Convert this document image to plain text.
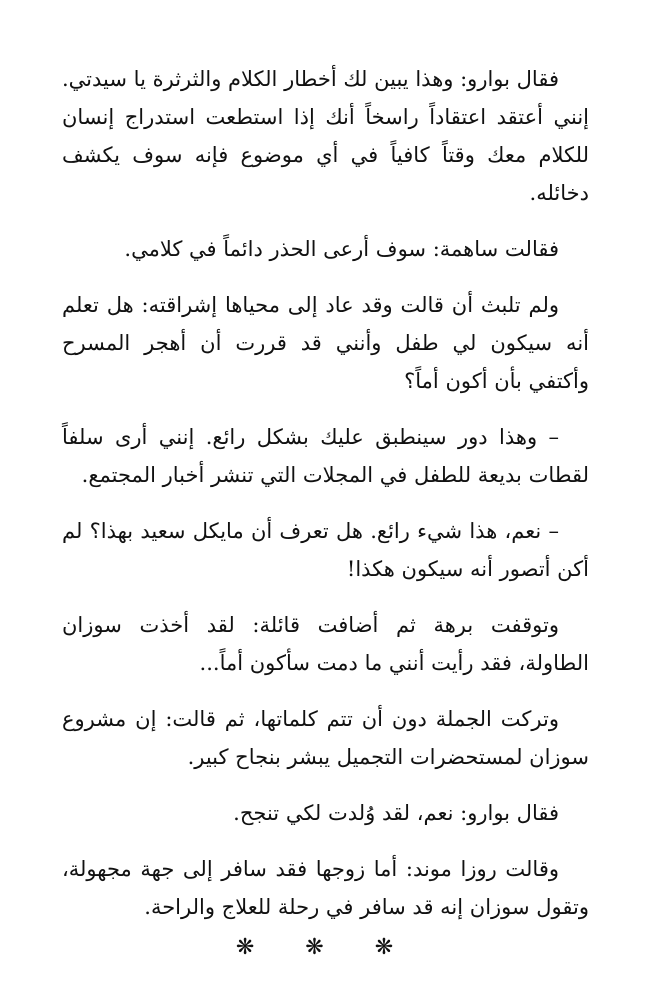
فقال بوارو: وهذا يبين لك أخطار الكلام والثرثرة يا سيدتي. إنني أعتقد اعتقاداً راسخاً أنك إذا استطعت استدراج إنسان للكلام معك وقتاً كافياً في أي موضوع فإنه سوف يكشف دخائله.

فقالت ساهمة: سوف أرعى الحذر دائماً في كلامي.

ولم تلبث أن قالت وقد عاد إلى محياها إشراقته: هل تعلم أنه سيكون لي طفل وأنني قد قررت أن أهجر المسرح وأكتفي بأن أكون أماً؟

– وهذا دور سينطبق عليك بشكل رائع. إنني أرى سلفاً لقطات بديعة للطفل في المجلات التي تنشر أخبار المجتمع.

– نعم، هذا شيء رائع. هل تعرف أن مايكل سعيد بهذا؟ لم أكن أتصور أنه سيكون هكذا!

وتوقفت برهة ثم أضافت قائلة: لقد أخذت سوزان الطاولة، فقد رأيت أنني ما دمت سأكون أماً...

وتركت الجملة دون أن تتم كلماتها، ثم قالت: إن مشروع سوزان لمستحضرات التجميل يبشر بنجاح كبير.

فقال بوارو: نعم، لقد وُلدت لكي تنجح.

وقالت روزا موند: أما زوجها فقد سافر إلى جهة مجهولة، وتقول سوزان إنه قد سافر في رحلة للعلاج والراحة.

❋ ❋ ❋
